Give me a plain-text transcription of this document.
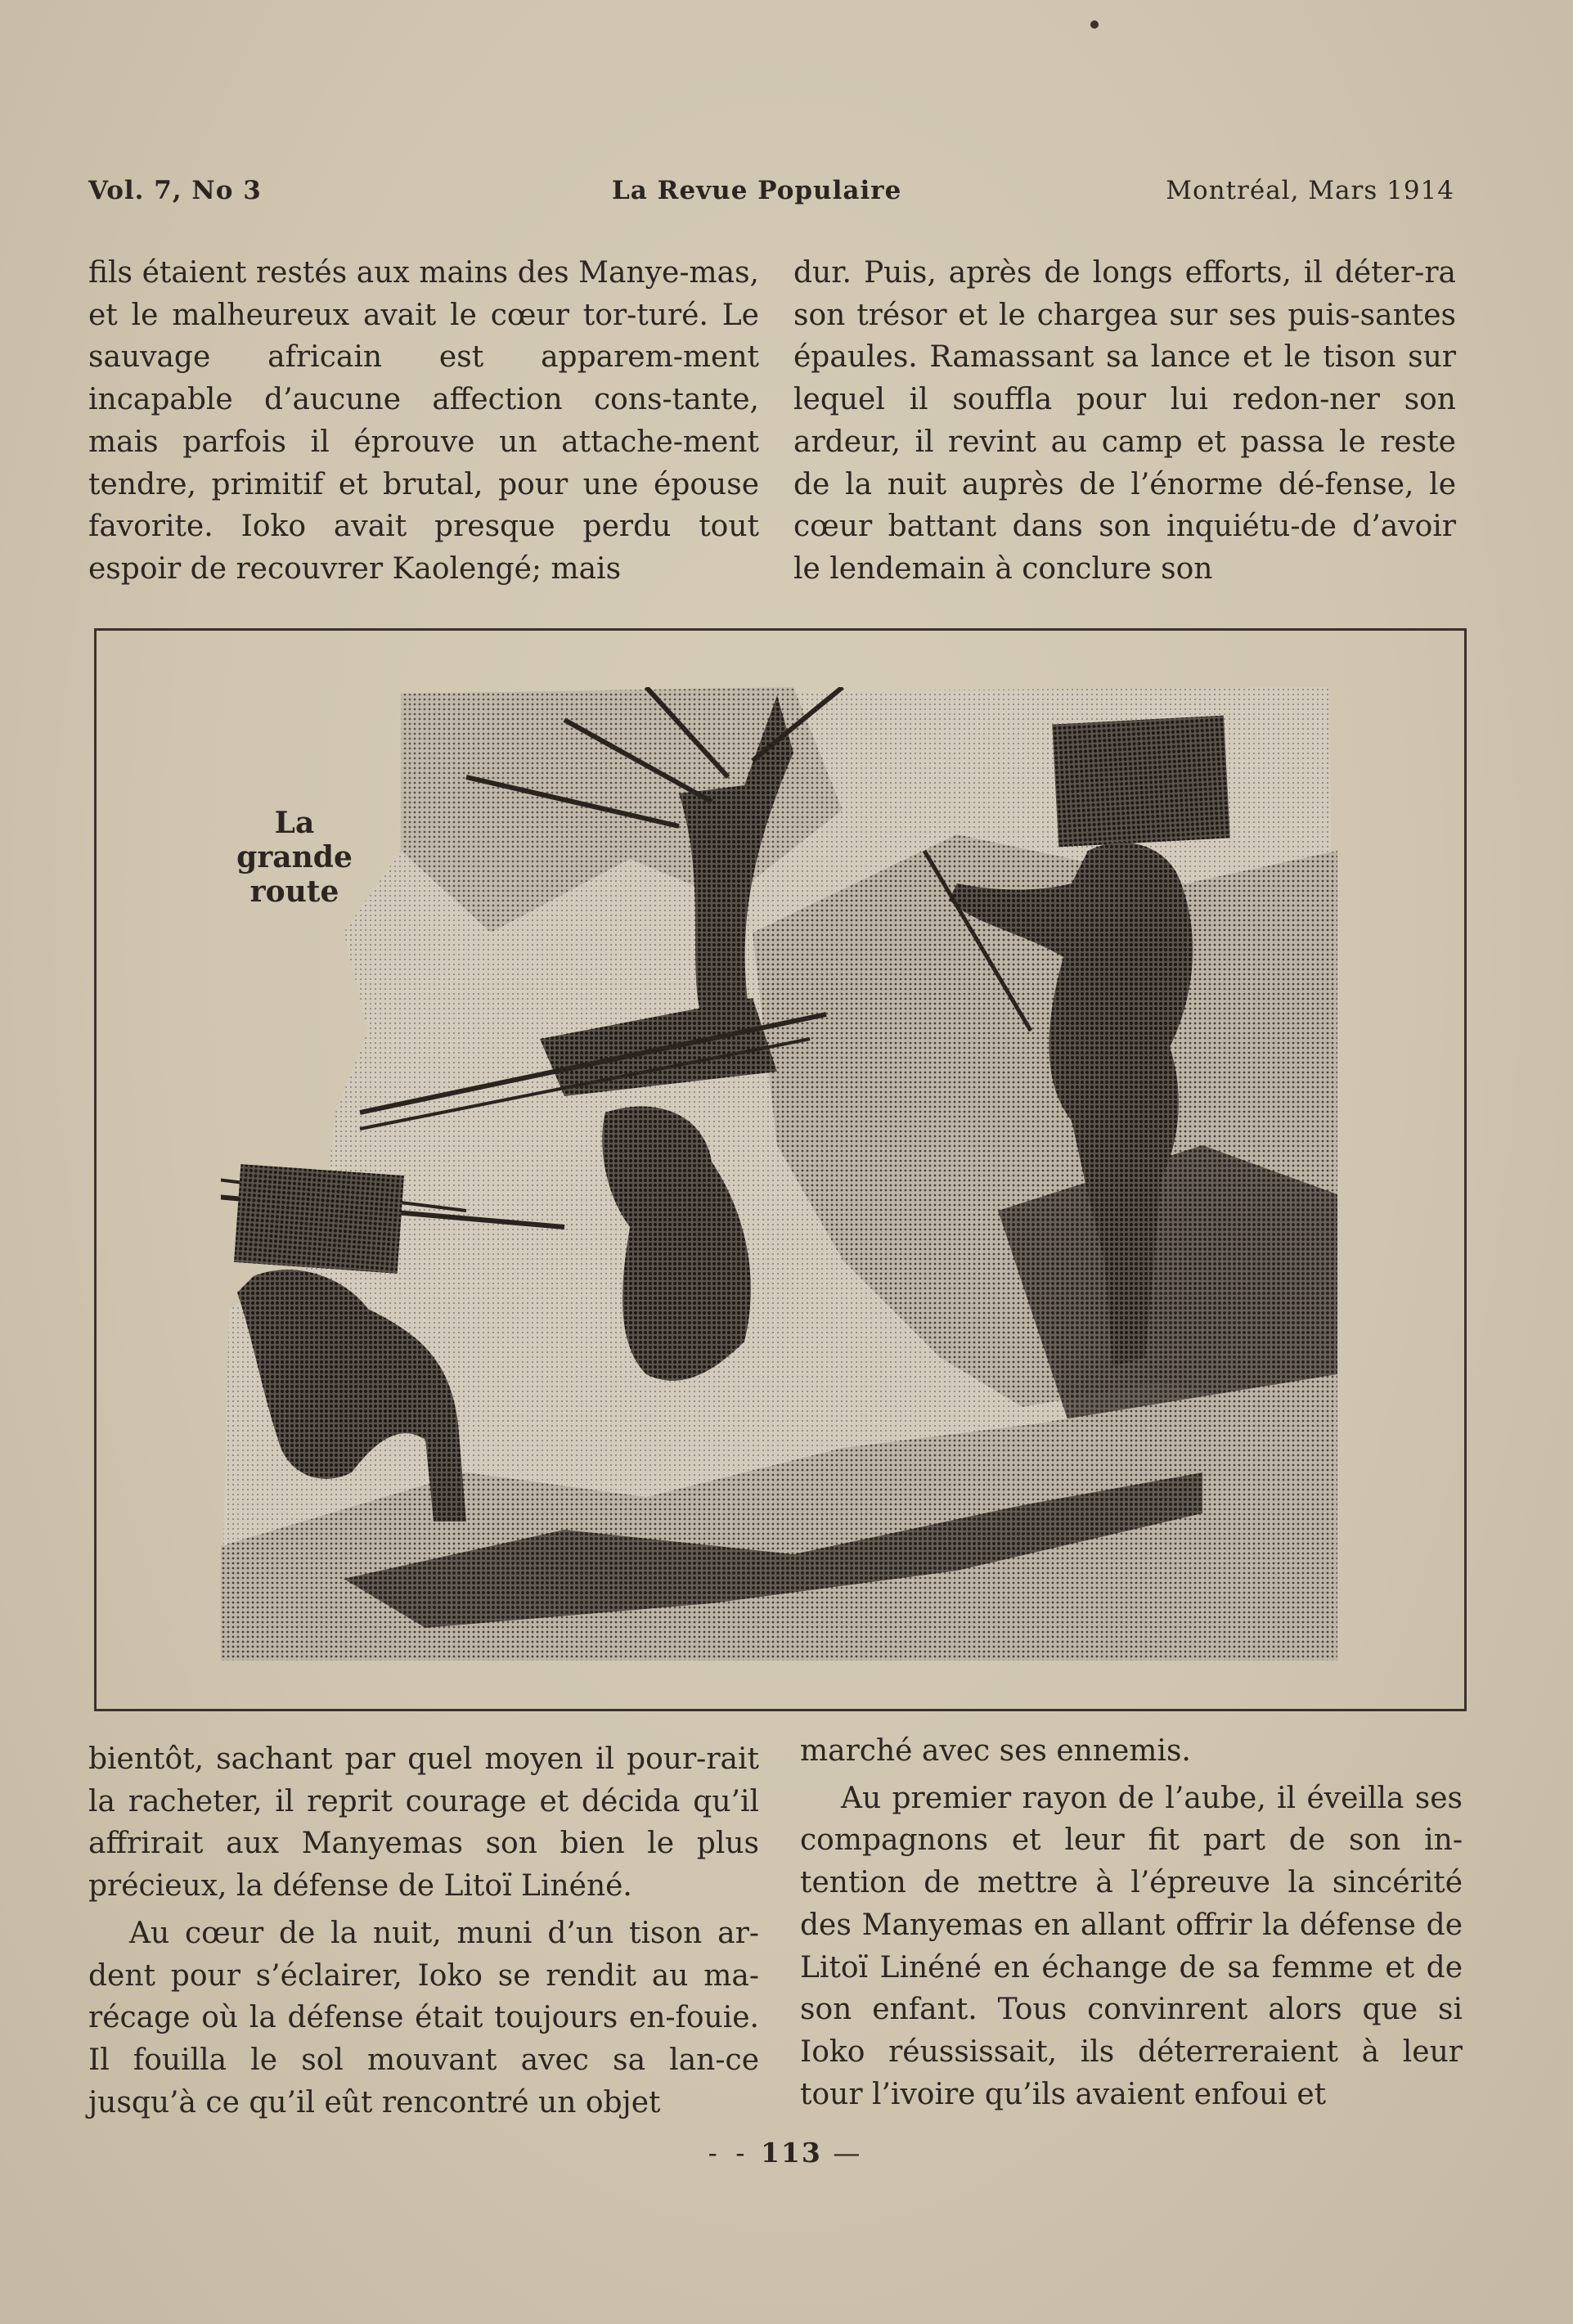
Vol. 7, No 3	La Revue Populaire	Montréal, Mars 1914

fils étaient restés aux mains des Manye-mas, et le malheureux avait le cœur tor-turé. Le sauvage africain est apparem-ment incapable d’aucune affection cons-tante, mais parfois il éprouve un attache-ment tendre, primitif et brutal, pour une épouse favorite. Ioko avait presque perdu tout espoir de recouvrer Kaolengé; mais

dur. Puis, après de longs efforts, il déter-ra son trésor et le chargea sur ses puis-santes épaules. Ramassant sa lance et le tison sur lequel il souffla pour lui redon-ner son ardeur, il revint au camp et passa le reste de la nuit auprès de l’énorme dé-fense, le cœur battant dans son inquiétu-de d’avoir le lendemain à conclure son

La
grande
route

bientôt, sachant par quel moyen il pour-rait la racheter, il reprit courage et décida qu’il affrirait aux Manyemas son bien le plus précieux, la défense de Litoï Linéné.

Au cœur de la nuit, muni d’un tison ar-dent pour s’éclairer, Ioko se rendit au ma-récage où la défense était toujours en-fouie. Il fouilla le sol mouvant avec sa lan-ce jusqu’à ce qu’il eût rencontré un objet

marché avec ses ennemis.

Au premier rayon de l’aube, il éveilla ses compagnons et leur fit part de son in-tention de mettre à l’épreuve la sincérité des Manyemas en allant offrir la défense de Litoï Linéné en échange de sa femme et de son enfant. Tous convinrent alors que si Ioko réussissait, ils déterreraient à leur tour l’ivoire qu’ils avaient enfoui et

- - 113 —
